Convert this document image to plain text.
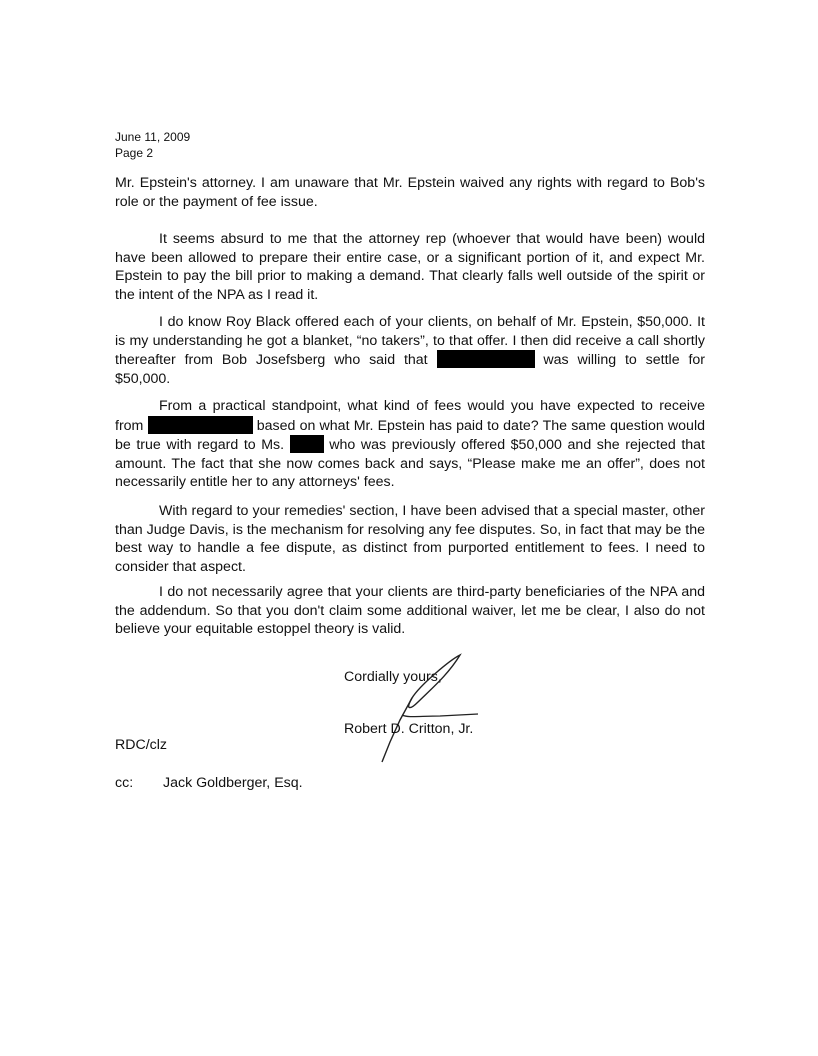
June 11, 2009
Page 2

Mr. Epstein's attorney. I am unaware that Mr. Epstein waived any rights with regard to Bob's role or the payment of fee issue.

It seems absurd to me that the attorney rep (whoever that would have been) would have been allowed to prepare their entire case, or a significant portion of it, and expect Mr. Epstein to pay the bill prior to making a demand. That clearly falls well outside of the spirit or the intent of the NPA as I read it.

I do know Roy Black offered each of your clients, on behalf of Mr. Epstein, $50,000. It is my understanding he got a blanket, “no takers”, to that offer. I then did receive a call shortly thereafter from Bob Josefsberg who said that	was willing to settle for $50,000.

From a practical standpoint, what kind of fees would you have expected to receive from	based on what Mr. Epstein has paid to date? The same question would be true with regard to Ms.	who was previously offered $50,000 and she rejected that amount. The fact that she now comes back and says, “Please make me an offer”, does not necessarily entitle her to any attorneys' fees.

With regard to your remedies' section, I have been advised that a special master, other than Judge Davis, is the mechanism for resolving any fee disputes. So, in fact that may be the best way to handle a fee dispute, as distinct from purported entitlement to fees. I need to consider that aspect.

I do not necessarily agree that your clients are third-party beneficiaries of the NPA and the addendum. So that you don't claim some additional waiver, let me be clear, I also do not believe your equitable estoppel theory is valid.

Cordially yours,
Robert D. Critton, Jr.
RDC/clz
cc: Jack Goldberger, Esq.
